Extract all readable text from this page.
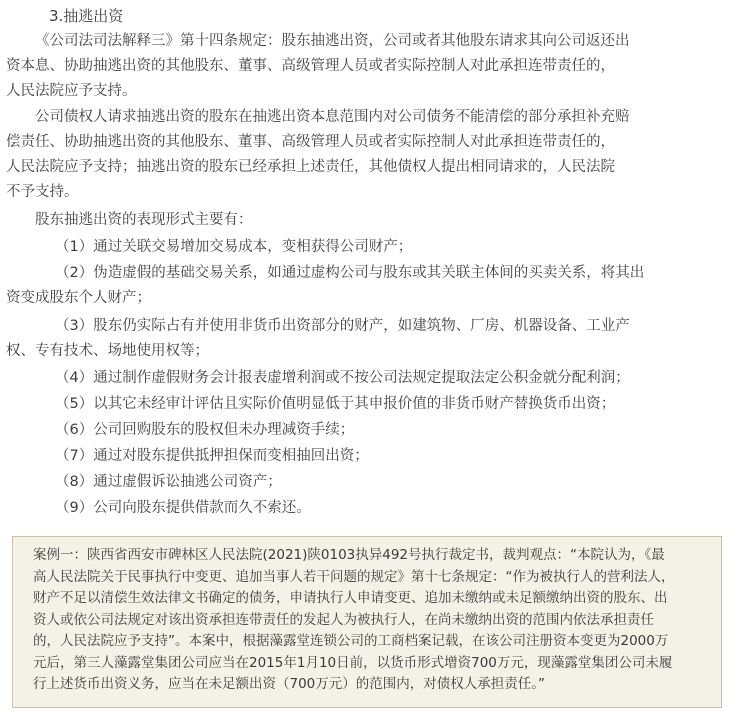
3.抽逃出资
《公司法司法解释三》第十四条规定：股东抽逃出资，公司或者其他股东请求其向公司返还出
资本息、协助抽逃出资的其他股东、董事、高级管理人员或者实际控制人对此承担连带责任的，
人民法院应予支持。
公司债权人请求抽逃出资的股东在抽逃出资本息范围内对公司债务不能清偿的部分承担补充赔
偿责任、协助抽逃出资的其他股东、董事、高级管理人员或者实际控制人对此承担连带责任的，
人民法院应予支持；抽逃出资的股东已经承担上述责任，其他债权人提出相同请求的，人民法院
不予支持。
股东抽逃出资的表现形式主要有：
（1）通过关联交易增加交易成本，变相获得公司财产；
（2）伪造虚假的基础交易关系，如通过虚构公司与股东或其关联主体间的买卖关系，将其出
资变成股东个人财产；
（3）股东仍实际占有并使用非货币出资部分的财产，如建筑物、厂房、机器设备、工业产
权、专有技术、场地使用权等；
（4）通过制作虚假财务会计报表虚增利润或不按公司法规定提取法定公积金就分配利润；
（5）以其它未经审计评估且实际价值明显低于其申报价值的非货币财产替换货币出资；
（6）公司回购股东的股权但未办理减资手续；
（7）通过对股东提供抵押担保而变相抽回出资；
（8）通过虚假诉讼抽逃公司资产；
（9）公司向股东提供借款而久不索还。
案例一：陕西省西安市碑林区人民法院(2021)陕0103执异492号执行裁定书，裁判观点：“本院认为，《最
高人民法院关于民事执行中变更、追加当事人若干问题的规定》第十七条规定：“作为被执行人的营利法人，
财产不足以清偿生效法律文书确定的债务，申请执行人申请变更、追加未缴纳或未足额缴纳出资的股东、出
资人或依公司法规定对该出资承担连带责任的发起人为被执行人，在尚未缴纳出资的范围内依法承担责任
的，人民法院应予支持”。本案中，根据藻露堂连锁公司的工商档案记载，在该公司注册资本变更为2000万
元后，第三人藻露堂集团公司应当在2015年1月10日前，以货币形式增资700万元，现藻露堂集团公司未履
行上述货币出资义务，应当在未足额出资（700万元）的范围内，对债权人承担责任。”
